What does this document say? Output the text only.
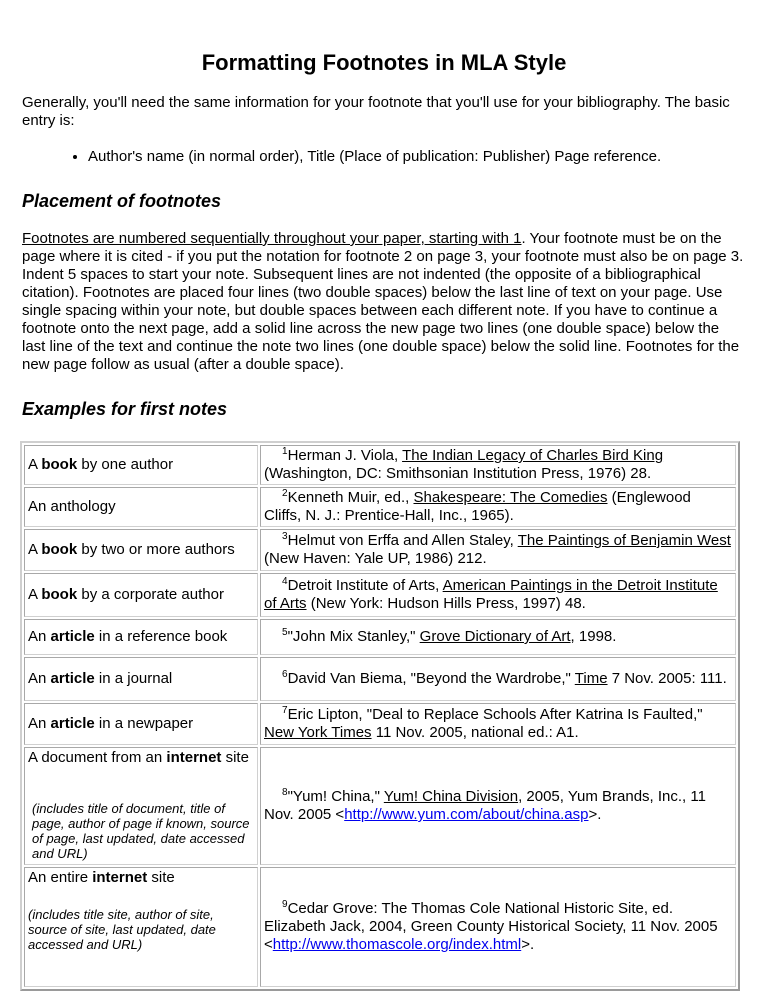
Formatting Footnotes in MLA Style

Generally, you'll need the same information for your footnote that you'll use for your bibliography. The basic entry is:

• Author's name (in normal order), Title (Place of publication: Publisher) Page reference.
Placement of footnotes

Footnotes are numbered sequentially throughout your paper, starting with 1. Your footnote must be on the page where it is cited - if you put the notation for footnote 2 on page 3, your footnote must also be on page 3. Indent 5 spaces to start your note. Subsequent lines are not indented (the opposite of a bibliographical citation). Footnotes are placed four lines (two double spaces) below the last line of text on your page. Use single spacing within your note, but double spaces between each different note. If you have to continue a footnote onto the next page, add a solid line across the new page two lines (one double space) below the last line of the text and continue the note two lines (one double space) below the solid line. Footnotes for the new page follow as usual (after a double space).

Examples for first notes
A book by one author	$^1$Herman J. Viola, The Indian Legacy of Charles Bird King (Washington, DC: Smithsonian Institution Press, 1976) 28.

An anthology	$^2$Kenneth Muir, ed., Shakespeare: The Comedies (Englewood Cliffs, N. J.: Prentice-Hall, Inc., 1965).

A book by two or more authors	$^3$Helmut von Erffa and Allen Staley, The Paintings of Benjamin West (New Haven: Yale UP, 1986) 212.

A book by a corporate author	$^4$Detroit Institute of Arts, American Paintings in the Detroit Institute of Arts (New York: Hudson Hills Press, 1997) 48.

An article in a reference book	$^5$"John Mix Stanley," Grove Dictionary of Art, 1998.

An article in a journal	$^6$David Van Biema, "Beyond the Wardrobe," Time 7 Nov. 2005: 111.

An article in a newpaper	$^7$Eric Lipton, "Deal to Replace Schools After Katrina Is Faulted," New York Times 11 Nov. 2005, national ed.: A1.

A document from an internet site
(includes title of document, title of page, author of page if known, source of page, last updated, date accessed and URL)	$^8$"Yum! China," Yum! China Division, 2005, Yum Brands, Inc., 11 Nov. 2005 <http://www.yum.com/about/china.asp>.

An entire internet site
(includes title site, author of site, source of site, last updated, date accessed and URL)	$^9$Cedar Grove: The Thomas Cole National Historic Site, ed. Elizabeth Jack, 2004, Green County Historical Society, 11 Nov. 2005 <http://www.thomascole.org/index.html>.
